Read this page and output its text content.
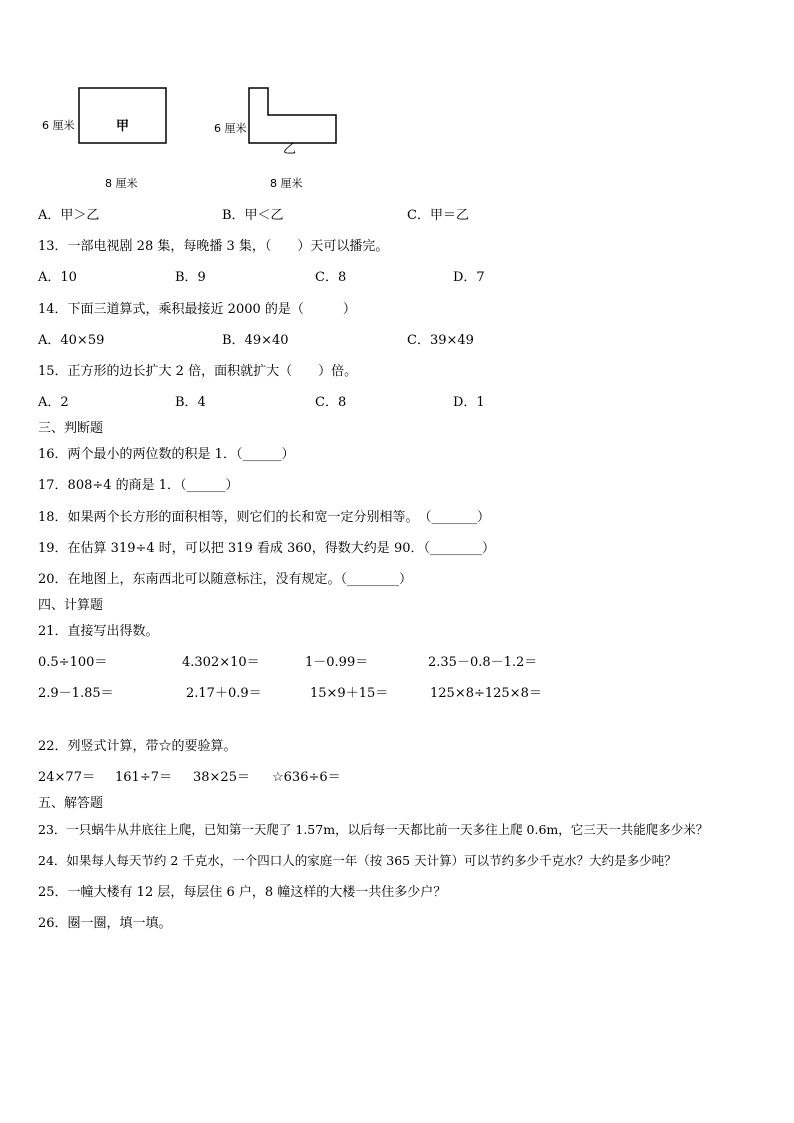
6 厘米	甲
8 厘米
6 厘米
乙
8 厘米
A．甲＞乙	B．甲＜乙	C．甲＝乙
13．一部电视剧 28 集，每晚播 3 集，（　　）天可以播完。
A．10	B．9	C．8	D．7
14．下面三道算式，乘积最接近 2000 的是（　　　）
A．40×59	B．49×40	C．39×49
15．正方形的边长扩大 2 倍，面积就扩大（　　）倍。
A．2	B．4	C．8	D．1
三、判断题
16．两个最小的两位数的积是 1．（______）
17．808÷4 的商是 1．（______）
18．如果两个长方形的面积相等，则它们的长和宽一定分别相等。　（_______）
19．在估算 319÷4 时，可以把 319 看成 360，得数大约是 90．（________）
20．在地图上，东南西北可以随意标注，没有规定。（________）
四、计算题
21．直接写出得数。
0.5÷100＝	4.302×10＝	1－0.99＝	2.35－0.8－1.2＝
2.9－1.85＝	2.17＋0.9＝	15×9＋15＝	125×8÷125×8＝
22．列竖式计算，带☆的要验算。
24×77＝ 161÷7＝ 38×25＝ ☆636÷6＝
五、解答题
23．一只蜗牛从井底往上爬，已知第一天爬了 1.57m，以后每一天都比前一天多往上爬 0.6m，它三天一共能爬多少米？
24．如果每人每天节约 2 千克水，一个四口人的家庭一年（按 365 天计算）可以节约多少千克水？大约是多少吨？
25．一幢大楼有 12 层，每层住 6 户，8 幢这样的大楼一共住多少户？
26．圈一圈，填一填。
